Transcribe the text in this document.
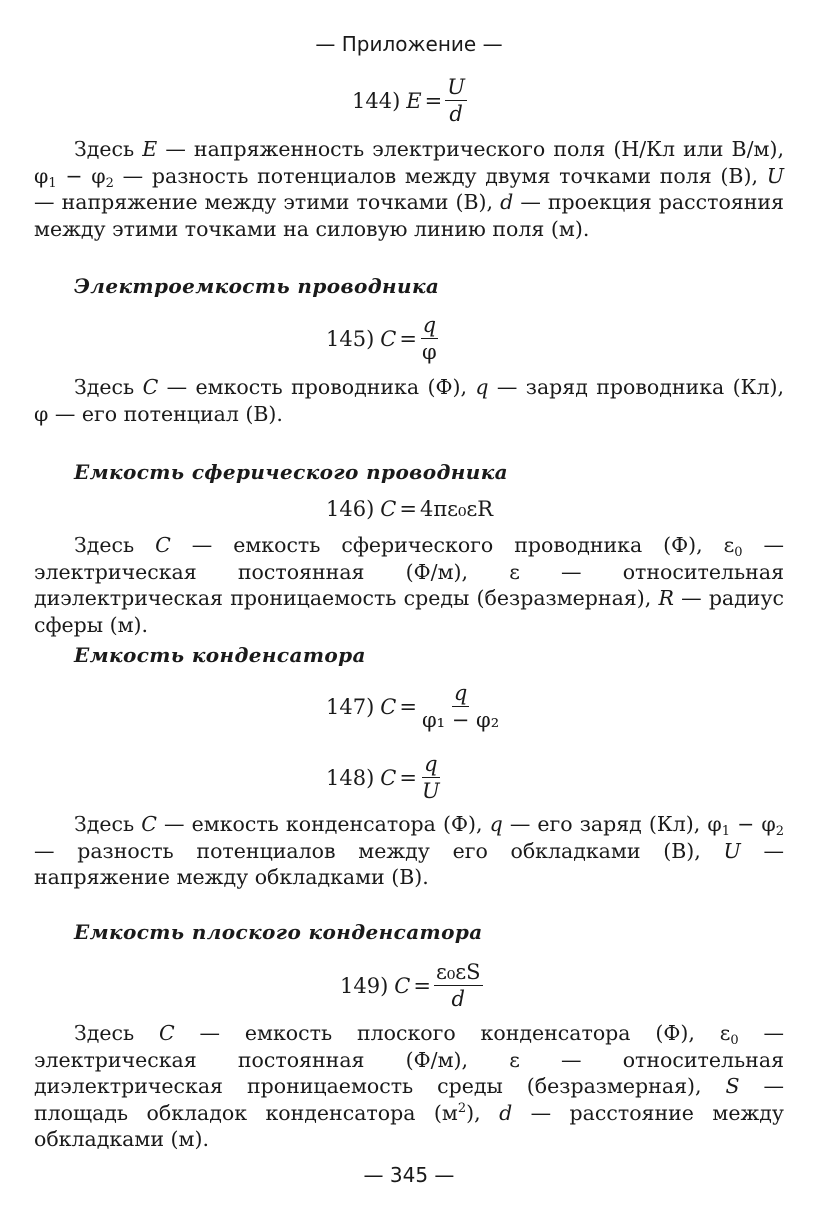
— Приложение —
144) $E = \frac{U}{d}$
Здесь E — напряженность электрического поля (Н/Кл или В/м), $\varphi_1 - \varphi_2$ — разность потенциалов между двумя точками поля (В), U — напряжение между этими точками (В), d — проекция расстояния между этими точками на силовую линию поля (м).
Электроемкость проводника
145) $C = \frac{q}{\varphi}$
Здесь C — емкость проводника (Ф), q — заряд проводника (Кл), φ — его потенциал (В).
Емкость сферического проводника
146) C = 4πε₀εR
Здесь C — емкость сферического проводника (Ф), $\varepsilon_0$ — электрическая постоянная (Ф/м), ε — относительная диэлектрическая проницаемость среды (безразмерная), R — радиус сферы (м).
Емкость конденсатора
147) $C = \frac{q}{\text{φ₁ − φ₂}}$
148) $C = \frac{q}{U}$
Здесь C — емкость конденсатора (Ф), q — его заряд (Кл), $\varphi_1 - \varphi_2$ — разность потенциалов между его обкладками (В), U — напряжение между обкладками (В).
Емкость плоского конденсатора
149) $C = \frac{\text{ε₀εS}}{d}$
Здесь C — емкость плоского конденсатора (Ф), $\varepsilon_0$ — электрическая постоянная (Ф/м), ε — относительная диэлектрическая проницаемость среды (безразмерная), S — площадь обкладок конденсатора $(м^2)$, d — расстояние между обкладками (м).
— 345 —
